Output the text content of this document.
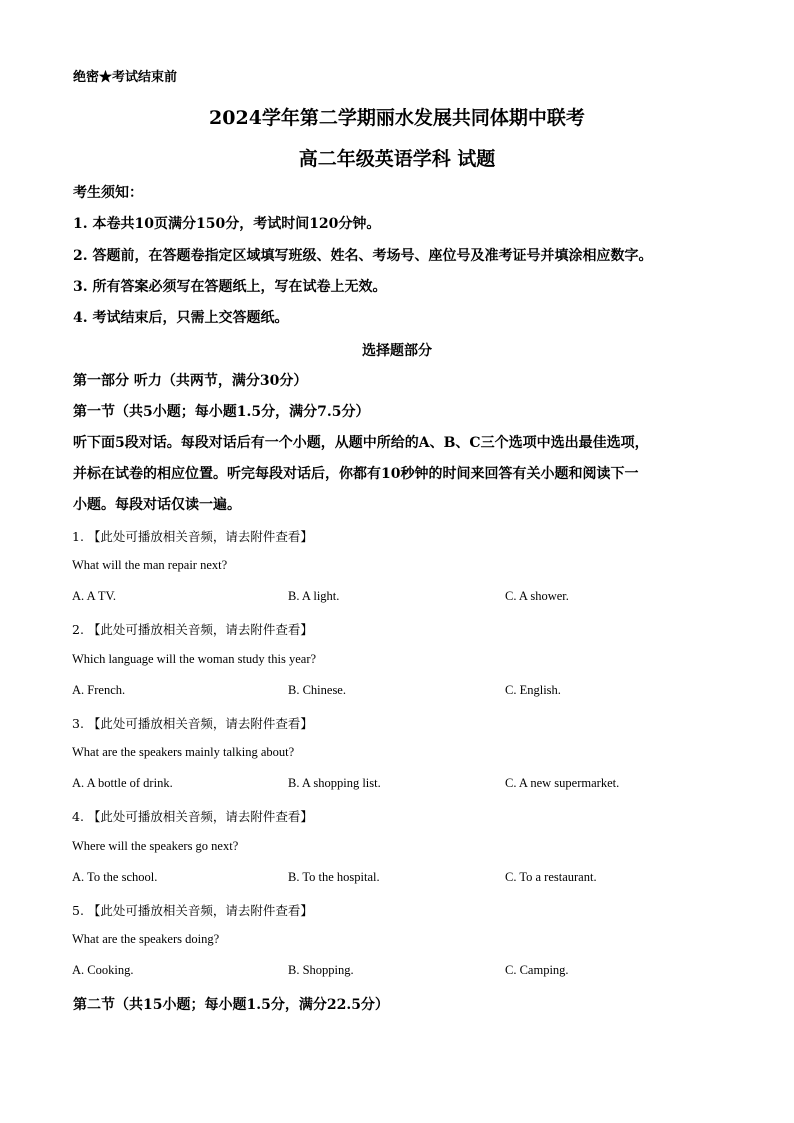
绝密★考试结束前
2024学年第二学期丽水发展共同体期中联考
高二年级英语学科 试题
考生须知：
1. 本卷共10页满分150分，考试时间120分钟。
2. 答题前，在答题卷指定区域填写班级、姓名、考场号、座位号及准考证号并填涂相应数字。
3. 所有答案必须写在答题纸上，写在试卷上无效。
4. 考试结束后，只需上交答题纸。
选择题部分
第一部分 听力（共两节，满分30分）
第一节（共5小题；每小题1.5分，满分7.5分）
听下面5段对话。每段对话后有一个小题，从题中所给的A、B、C三个选项中选出最佳选项，
并标在试卷的相应位置。听完每段对话后，你都有10秒钟的时间来回答有关小题和阅读下一
小题。每段对话仅读一遍。
1. 【此处可播放相关音频，请去附件查看】
What will the man repair next?
A. A TV.	B. A light.	C. A shower.
2. 【此处可播放相关音频，请去附件查看】
Which language will the woman study this year?
A. French.	B. Chinese.	C. English.
3. 【此处可播放相关音频，请去附件查看】
What are the speakers mainly talking about?
A. A bottle of drink.	B. A shopping list.	C. A new supermarket.
4. 【此处可播放相关音频，请去附件查看】
Where will the speakers go next?
A. To the school.	B. To the hospital.	C. To a restaurant.
5. 【此处可播放相关音频，请去附件查看】
What are the speakers doing?
A. Cooking.	B. Shopping.	C. Camping.
第二节（共15小题；每小题1.5分，满分22.5分）
